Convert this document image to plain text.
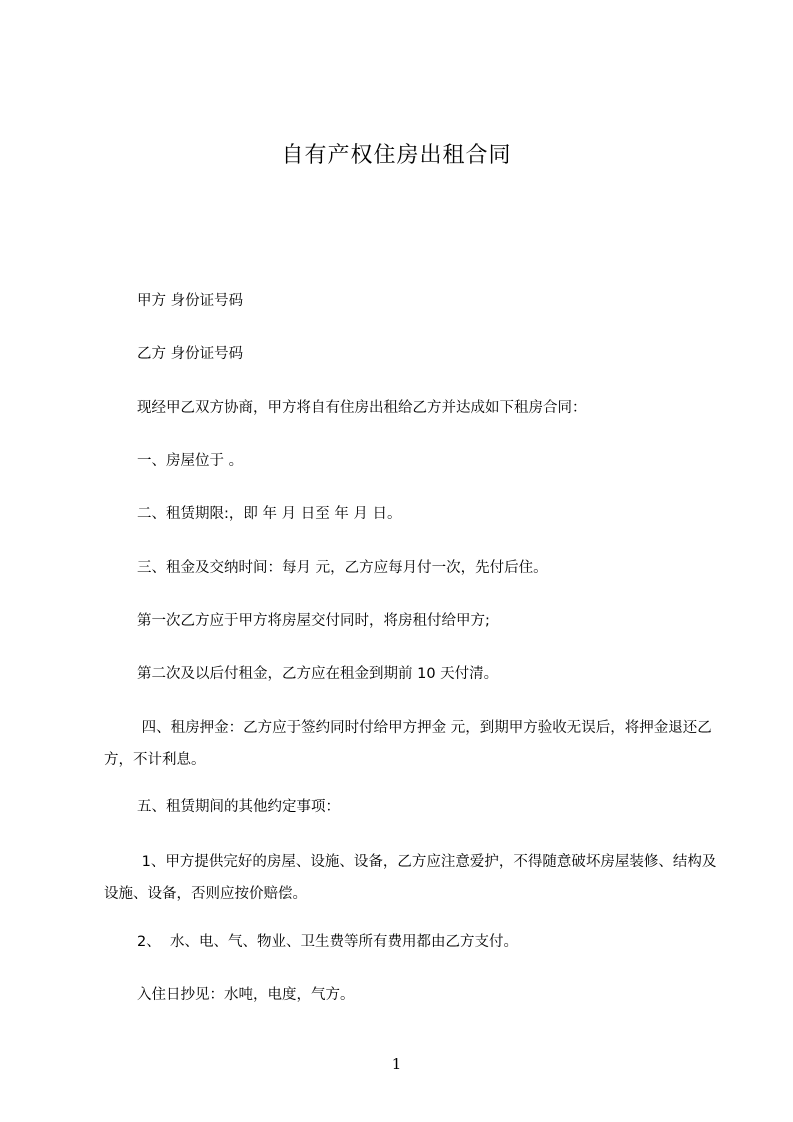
自有产权住房出租合同
甲方 身份证号码
乙方 身份证号码
现经甲乙双方协商，甲方将自有住房出租给乙方并达成如下租房合同：
一、房屋位于 。
二、租赁期限:，即 年 月 日至 年 月 日。
三、租金及交纳时间：每月 元，乙方应每月付一次，先付后住。
第一次乙方应于甲方将房屋交付同时，将房租付给甲方;
第二次及以后付租金，乙方应在租金到期前 10 天付清。
四、租房押金：乙方应于签约同时付给甲方押金 元，到期甲方验收无误后，将押金退还乙方，不计利息。
五、租赁期间的其他约定事项：
1、甲方提供完好的房屋、设施、设备，乙方应注意爱护，不得随意破坏房屋装修、结构及设施、设备，否则应按价赔偿。
2、  水、电、气、物业、卫生费等所有费用都由乙方支付。
入住日抄见：水吨，电度，气方。
1
